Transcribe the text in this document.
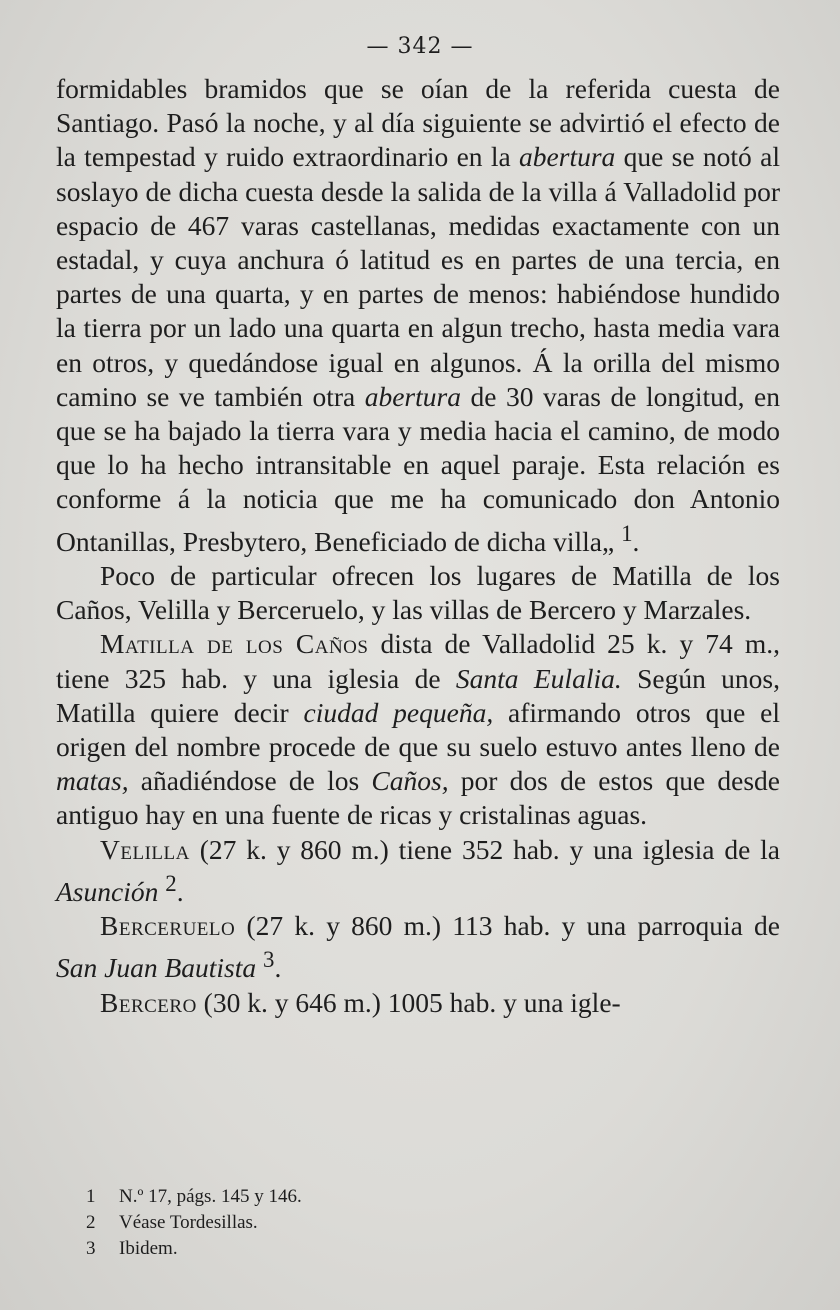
— 342 —

formidables bramidos que se oían de la referida cuesta de Santiago. Pasó la noche, y al día siguiente se advirtió el efecto de la tempestad y ruido extraordinario en la abertura que se notó al soslayo de dicha cuesta desde la salida de la villa á Valladolid por espacio de 467 varas castellanas, medidas exactamente con un estadal, y cuya anchura ó latitud es en partes de una tercia, en partes de una quarta, y en partes de menos: habiéndose hundido la tierra por un lado una quarta en algun trecho, hasta media vara en otros, y quedándose igual en algunos. Á la orilla del mismo camino se ve también otra abertura de 30 varas de longitud, en que se ha bajado la tierra vara y media hacia el camino, de modo que lo ha hecho intransitable en aquel paraje. Esta relación es conforme á la noticia que me ha comunicado don Antonio Ontanillas, Presbytero, Beneficiado de dicha villa„ $^1$.

Poco de particular ofrecen los lugares de Matilla de los Caños, Velilla y Berceruelo, y las villas de Bercero y Marzales.

Matilla de los Caños dista de Valladolid 25 k. y 74 m., tiene 325 hab. y una iglesia de Santa Eulalia. Según unos, Matilla quiere decir ciudad pequeña, afirmando otros que el origen del nombre procede de que su suelo estuvo antes lleno de matas, añadiéndose de los Caños, por dos de estos que desde antiguo hay en una fuente de ricas y cristalinas aguas.

Velilla (27 k. y 860 m.) tiene 352 hab. y una iglesia de la Asunción $^2$.

Berceruelo (27 k. y 860 m.) 113 hab. y una parroquia de San Juan Bautista $^3$.

Bercero (30 k. y 646 m.) 1005 hab. y una igle-

1	N.º 17, págs. 145 y 146.
2	Véase Tordesillas.
3	Ibidem.
